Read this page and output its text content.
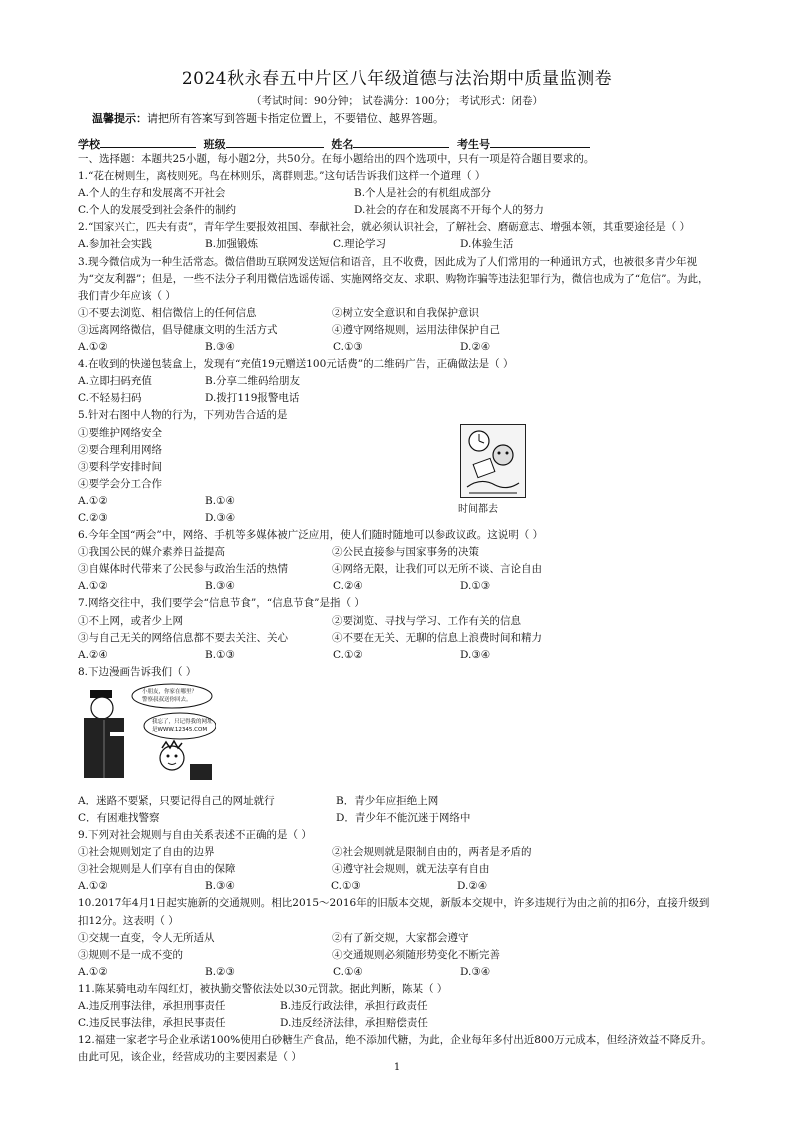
2024秋永春五中片区八年级道德与法治期中质量监测卷
（考试时间：90分钟； 试卷满分：100分； 考试形式：闭卷）
温馨提示：请把所有答案写到答题卡指定位置上，不要错位、越界答题。
学校	班级	姓名	考生号
一、选择题：本题共25小题，每小题2分，共50分。在每小题给出的四个选项中，只有一项是符合题目要求的。
1.“花在树则生，离枝则死。鸟在林则乐，离群则悲。”这句话告诉我们这样一个道理（ ）
A.个人的生存和发展离不开社会	B.个人是社会的有机组成部分
C.个人的发展受到社会条件的制约	D.社会的存在和发展离不开每个人的努力
2.“国家兴亡，匹夫有责”，青年学生要报效祖国、奉献社会，就必须认识社会，了解社会、磨砺意志、增强本领，其重要途径是（ ）
A.参加社会实践	B.加强锻炼	C.理论学习	D.体验生活
3.现今微信成为一种生活常态。微信借助互联网发送短信和语音，且不收费，因此成为了人们常用的一种通讯方式，也被很多青少年视为“交友利器”；但是，一些不法分子利用微信选谣传谣、实施网络交友、求职、购物诈骗等违法犯罪行为，微信也成为了“危信”。为此，我们青少年应该（ ）
①不要去浏览、相信微信上的任何信息	②树立安全意识和自我保护意识
③远离网络微信，倡导健康文明的生活方式	④遵守网络规则，运用法律保护自己
A.①②	B.③④	C.①③	D.②④
4.在收到的快递包装盒上，发现有“充值19元赠送100元话费”的二维码广告，正确做法是（ ）
A.立即扫码充值	B.分享二维码给朋友
C.不轻易扫码	D.拨打119报警电话
5.针对右图中人物的行为，下列劝告合适的是
①要维护网络安全
②要合理利用网络
③要科学安排时间
④要学会分工合作
A.①②	B.①④
C.②③	D.③④
6.今年全国“两会”中，网络、手机等多媒体被广泛应用，使人们随时随地可以参政议政。这说明（ ）
①我国公民的媒介素养日益提高	②公民直接参与国家事务的决策
③自媒体时代带来了公民参与政治生活的热情	④网络无限，让我们可以无所不谈、言论自由
A.①②	B.③④	C.②④	D.①③
7.网络交往中，我们要学会“信息节食”，“信息节食”是指（ ）
①不上网，或者少上网	②要浏览、寻找与学习、工作有关的信息
③与自己无关的网络信息都不要去关注、关心	④不要在无关、无聊的信息上浪费时间和精力
A.②④	B.①③	C.①②	D.③④
8.下边漫画告诉我们（ ）
A．迷路不要紧，只要记得自己的网址就行	B．青少年应拒绝上网
C．有困难找警察	D．青少年不能沉迷于网络中
9.下列对社会规则与自由关系表述不正确的是（ ）
①社会规则划定了自由的边界	②社会规则就是限制自由的，两者是矛盾的
③社会规则是人们享有自由的保障	④遵守社会规则，就无法享有自由
A.①②	B.③④	C.①③	D.②④
10.2017年4月1日起实施新的交通规则。相比2015～2016年的旧版本交规，新版本交规中，许多违规行为由之前的扣6分，直接升级到扣12分。这表明（ ）
①交规一直变，令人无所适从	②有了新交规，大家都会遵守
③规则不是一成不变的	④交通规则必须随形势变化不断完善
A.①②	B.②③	C.①④	D.③④
11.陈某骑电动车闯红灯，被执勤交警依法处以30元罚款。据此判断，陈某（ ）
A.违反刑事法律，承担刑事责任	B.违反行政法律，承担行政责任
C.违反民事法律，承担民事责任	D.违反经济法律，承担赔偿责任
12.福建一家老字号企业承诺100%使用白砂糖生产食品，绝不添加代糖，为此，企业每年多付出近800万元成本，但经济效益不降反升。由此可见，该企业，经营成功的主要因素是（ ）
时间都去
小朋友，你家在哪里？
警察叔叔送你回去。
我忘了，只记得我的网址
是WWW.12345.COM
1
